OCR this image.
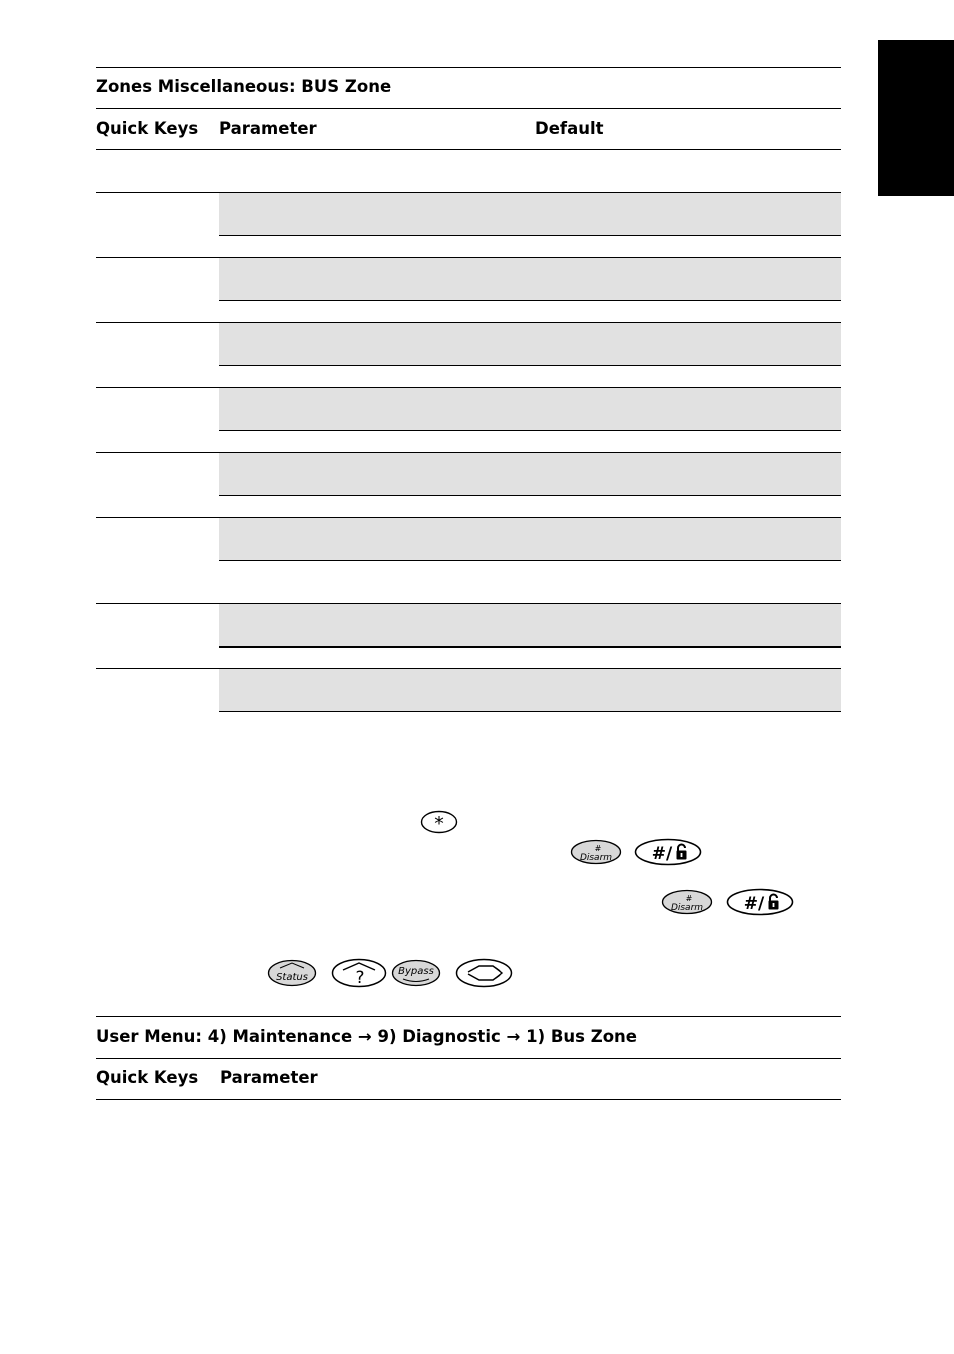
Zones Miscellaneous: BUS Zone
Quick Keys Parameter	Default
*
#
Disarm #/
#
Disarm #/
Status	?	Bypass
User Menu: 4) Maintenance → 9) Diagnostic → 1) Bus Zone
Quick Keys Parameter
